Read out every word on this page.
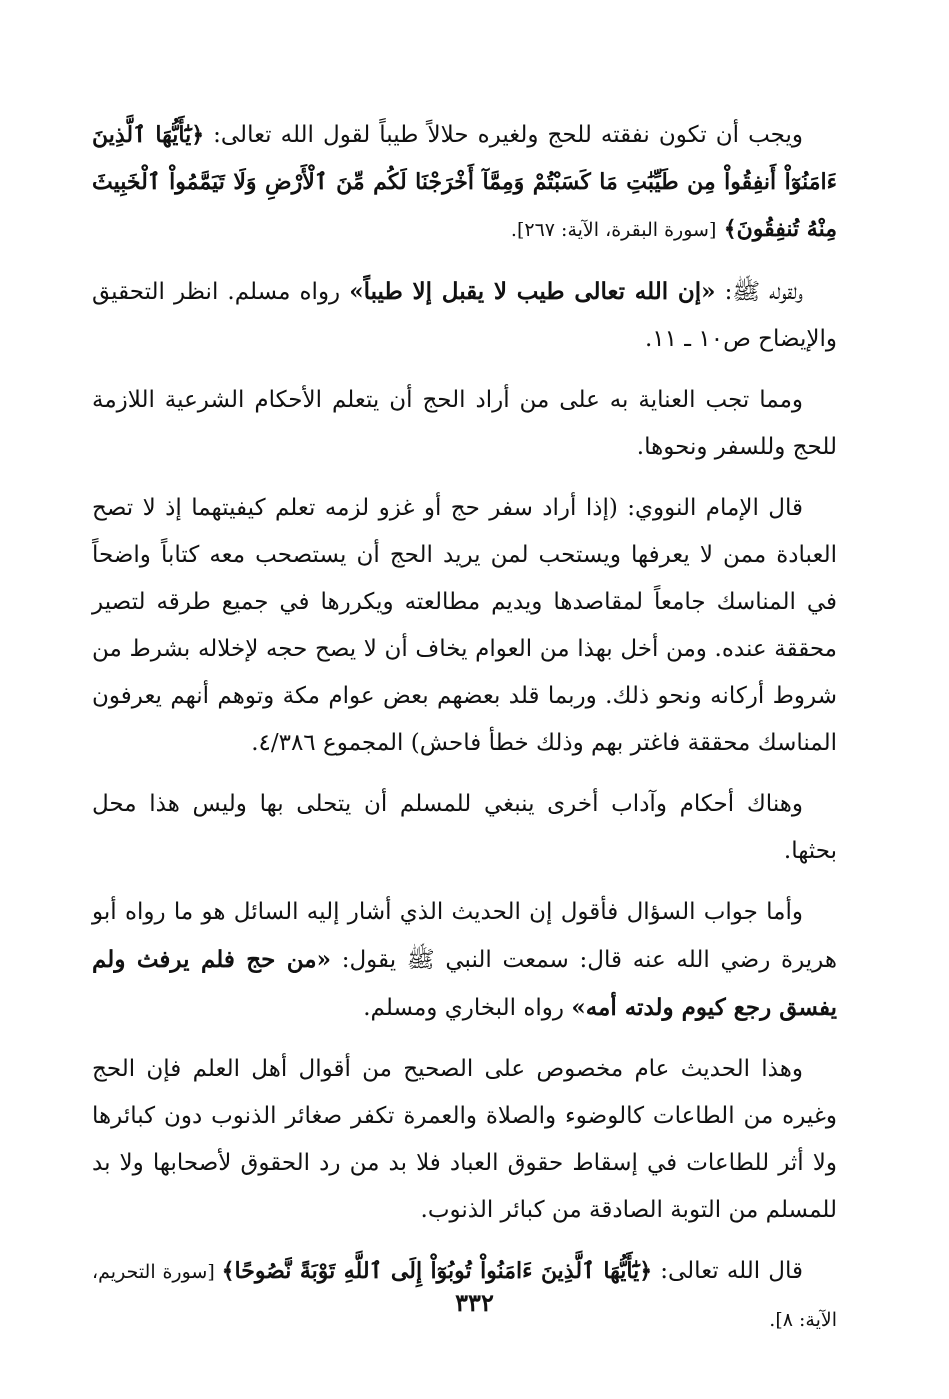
ويجب أن تكون نفقته للحج ولغيره حلالاً طيباً لقول الله تعالى: ﴿يَٰٓأَيُّهَا ٱلَّذِينَ ءَامَنُوٓاْ أَنفِقُواْ مِن طَيِّبَٰتِ مَا كَسَبْتُمْ وَمِمَّآ أَخْرَجْنَا لَكُم مِّنَ ٱلْأَرْضِ وَلَا تَيَمَّمُواْ ٱلْخَبِيثَ مِنْهُ تُنفِقُونَ﴾ [سورة البقرة، الآية: ٢٦٧].

ولقوله ﷺ: «إن الله تعالى طيب لا يقبل إلا طيباً» رواه مسلم. انظر التحقيق والإيضاح ص١٠ ـ ١١.

ومما تجب العناية به على من أراد الحج أن يتعلم الأحكام الشرعية اللازمة للحج وللسفر ونحوها.

قال الإمام النووي: (إذا أراد سفر حج أو غزو لزمه تعلم كيفيتهما إذ لا تصح العبادة ممن لا يعرفها ويستحب لمن يريد الحج أن يستصحب معه كتاباً واضحاً في المناسك جامعاً لمقاصدها ويديم مطالعته ويكررها في جميع طرقه لتصير محققة عنده. ومن أخل بهذا من العوام يخاف أن لا يصح حجه لإخلاله بشرط من شروط أركانه ونحو ذلك. وربما قلد بعضهم بعض عوام مكة وتوهم أنهم يعرفون المناسك محققة فاغتر بهم وذلك خطأ فاحش) المجموع ٤/٣٨٦.

وهناك أحكام وآداب أخرى ينبغي للمسلم أن يتحلى بها وليس هذا محل بحثها.

وأما جواب السؤال فأقول إن الحديث الذي أشار إليه السائل هو ما رواه أبو هريرة رضي الله عنه قال: سمعت النبي ﷺ يقول: «من حج فلم يرفث ولم يفسق رجع كيوم ولدته أمه» رواه البخاري ومسلم.

وهذا الحديث عام مخصوص على الصحيح من أقوال أهل العلم فإن الحج وغيره من الطاعات كالوضوء والصلاة والعمرة تكفر صغائر الذنوب دون كبائرها ولا أثر للطاعات في إسقاط حقوق العباد فلا بد من رد الحقوق لأصحابها ولا بد للمسلم من التوبة الصادقة من كبائر الذنوب.

قال الله تعالى: ﴿يَٰٓأَيُّهَا ٱلَّذِينَ ءَامَنُواْ تُوبُوٓاْ إِلَى ٱللَّهِ تَوْبَةً نَّصُوحًا﴾ [سورة التحريم، الآية: ٨].

٣٣٢
